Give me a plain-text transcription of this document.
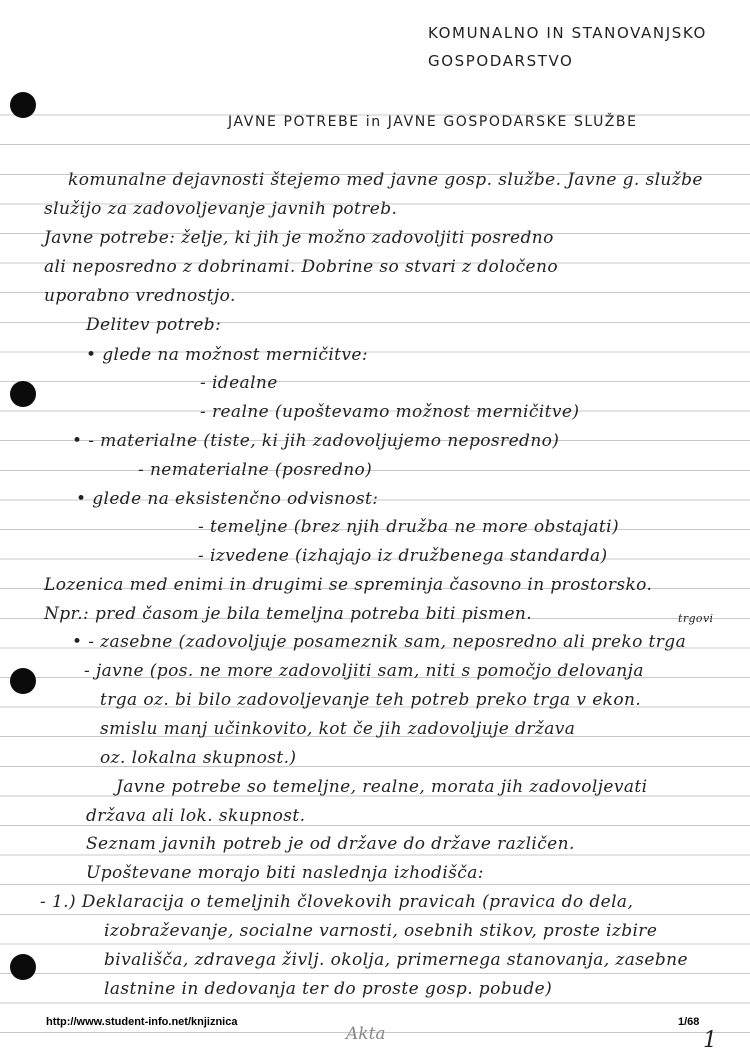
KOMUNALNO IN STANOVANJSKO
GOSPODARSTVO
JAVNE POTREBE in JAVNE GOSPODARSKE SLUŽBE
komunalne dejavnosti štejemo med javne gosp. službe. Javne g. službe
služijo za zadovoljevanje javnih potreb.
Javne potrebe: želje, ki jih je možno zadovoljiti posredno
ali neposredno z dobrinami. Dobrine so stvari z določeno
uporabno vrednostjo.
Delitev potreb:
• glede na možnost merničitve:
- idealne
- realne (upoštevamo možnost merničitve)
• - materialne (tiste, ki jih zadovoljujemo neposredno)
- nematerialne (posredno)
• glede na eksistenčno odvisnost:
- temeljne (brez njih družba ne more obstajati)
- izvedene (izhajajo iz družbenega standarda)
Lozenica med enimi in drugimi se spreminja časovno in prostorsko.
Npr.: pred časom je bila temeljna potreba biti pismen.	trgovi
• - zasebne (zadovoljuje posameznik sam, neposredno ali preko trga
- javne (pos. ne more zadovoljiti sam, niti s pomočjo delovanja
trga oz. bi bilo zadovoljevanje teh potreb preko trga v ekon.
smislu manj učinkovito, kot če jih zadovoljuje država
oz. lokalna skupnost.)
Javne potrebe so temeljne, realne, morata jih zadovoljevati
država ali lok. skupnost.
Seznam javnih potreb je od države do države različen.
Upoštevane morajo biti naslednja izhodišča:
- 1.) Deklaracija o temeljnih človekovih pravicah (pravica do dela,
izobraževanje, socialne varnosti, osebnih stikov, proste izbire
bivališča, zdravega življ. okolja, primernega stanovanja, zasebne
lastnine in dedovanja ter do proste gosp. pobude)
http://www.student-info.net/knjiznica	1/68
Akta	1
